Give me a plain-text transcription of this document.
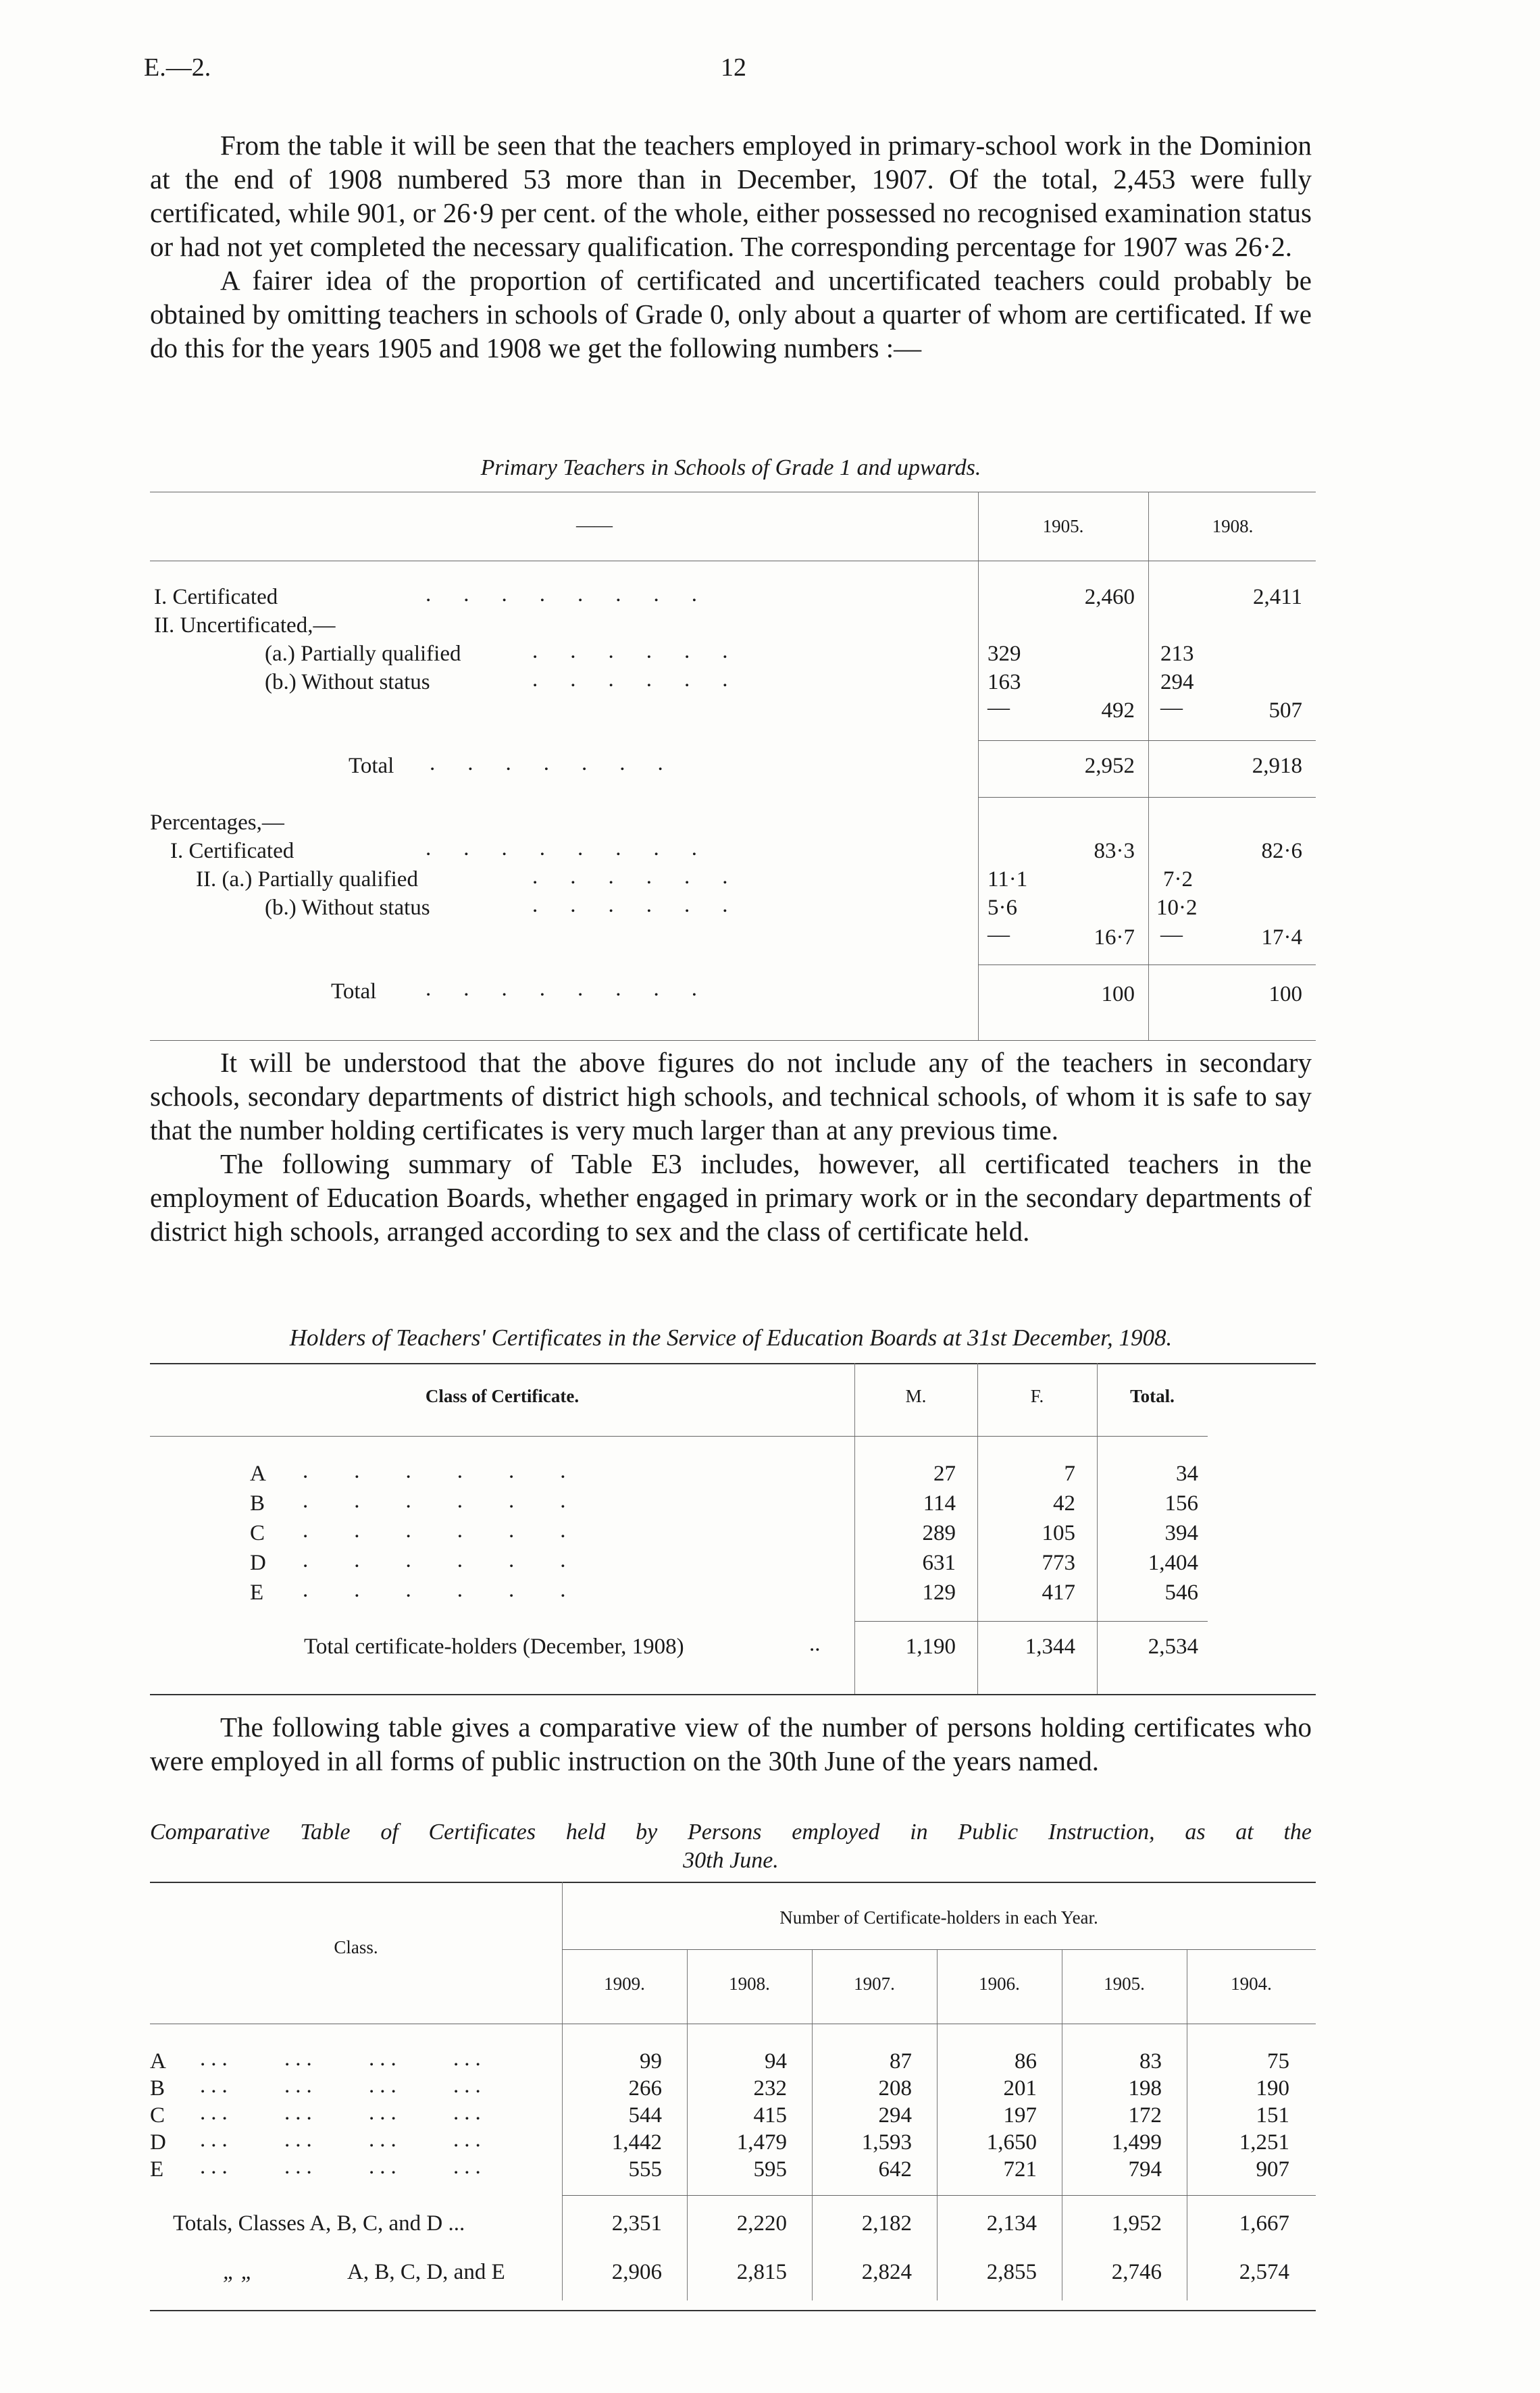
E.—2.	12

From the table it will be seen that the teachers employed in primary-school work in the Dominion at the end of 1908 numbered 53 more than in December, 1907. Of the total, 2,453 were fully certificated, while 901, or 26·9 per cent. of the whole, either possessed no recognised examination status or had not yet completed the necessary qualification. The corresponding percentage for 1907 was 26·2.

A fairer idea of the proportion of certificated and uncertificated teachers could probably be obtained by omitting teachers in schools of Grade 0, only about a quarter of whom are certificated. If we do this for the years 1905 and 1908 we get the following numbers :—

Primary Teachers in Schools of Grade 1 and upwards.
——	1905.	1908.
I. Certificated	........	2,460	2,411
II. Uncertificated,—
(a.) Partially qualified	......	329	213
(b.) Without status	......	163	294
—	492 —	507
Total .......	2,952	2,918
Percentages,—
I. Certificated	........	83·3	82·6
II. (a.) Partially qualified	......	11·1	7·2
(b.) Without status	......	5·6	10·2
—	16·7 —	17·4
Total ........	100	100

It will be understood that the above figures do not include any of the teachers in secondary schools, secondary departments of district high schools, and technical schools, of whom it is safe to say that the number holding certificates is very much larger than at any previous time.

The following summary of Table E3 includes, however, all certificated teachers in the employment of Education Boards, whether engaged in primary work or in the secondary departments of district high schools, arranged according to sex and the class of certificate held.

Holders of Teachers' Certificates in the Service of Education Boards at 31st December, 1908.
Class of Certificate.	M.	F.	Total.
A ......	27	7	34
B ......	114	42	156
C ......	289	105	394
D ......	631	773	1,404
E ......	129	417	546
Total certificate-holders (December, 1908)	..	1,190	1,344	2,534

The following table gives a comparative view of the number of persons holding certificates who were employed in all forms of public instruction on the 30th June of the years named.

Comparative Table of Certificates held by Persons employed in Public Instruction, as at the
30th June.
Class.
Number of Certificate-holders in each Year.
1909.	1908.	1907.	1906.	1905.	1904.
A ... ... ... ...	99	94	87	86	83	75
B ... ... ... ...	266	232	208	201	198	190
C ... ... ... ...	544	415	294	197	172	151
D ... ... ... ...	1,442	1,479	1,593	1,650	1,499	1,251
E ... ... ... ...	555	595	642	721	794	907
Totals, Classes A, B, C, and D ...	2,351	2,220	2,182	2,134	1,952	1,667
„ „	A, B, C, D, and E	2,906	2,815	2,824	2,855	2,746	2,574
